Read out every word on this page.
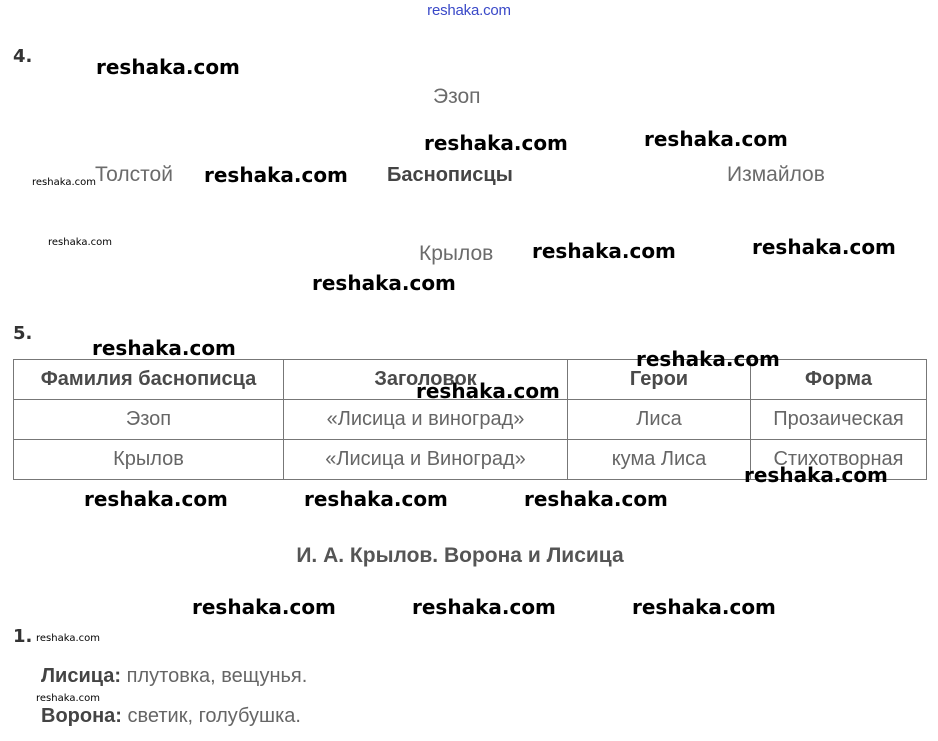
reshaka.com
4.
Эзоп
Толстой	Баснописцы	Измайлов
Крылов
5.
Фамилия баснописца	Заголовок	Герои	Форма
Эзоп	«Лисица и виноград»	Лиса	Прозаическая
Крылов	«Лисица и Виноград»	кума Лиса	Стихотворная
И. А. Крылов. Ворона и Лисица
1.
Лисица: плутовка, вещунья.
Ворона: светик, голубушка.
reshaka.com
reshaka.com	reshaka.com
reshaka.com
reshaka.com	reshaka.com
reshaka.com
reshaka.com	reshaka.com
reshaka.com
reshaka.com
reshaka.com	reshaka.com	reshaka.com
reshaka.com	reshaka.com	reshaka.com
reshaka.com
reshaka.com
reshaka.com
reshaka.com
